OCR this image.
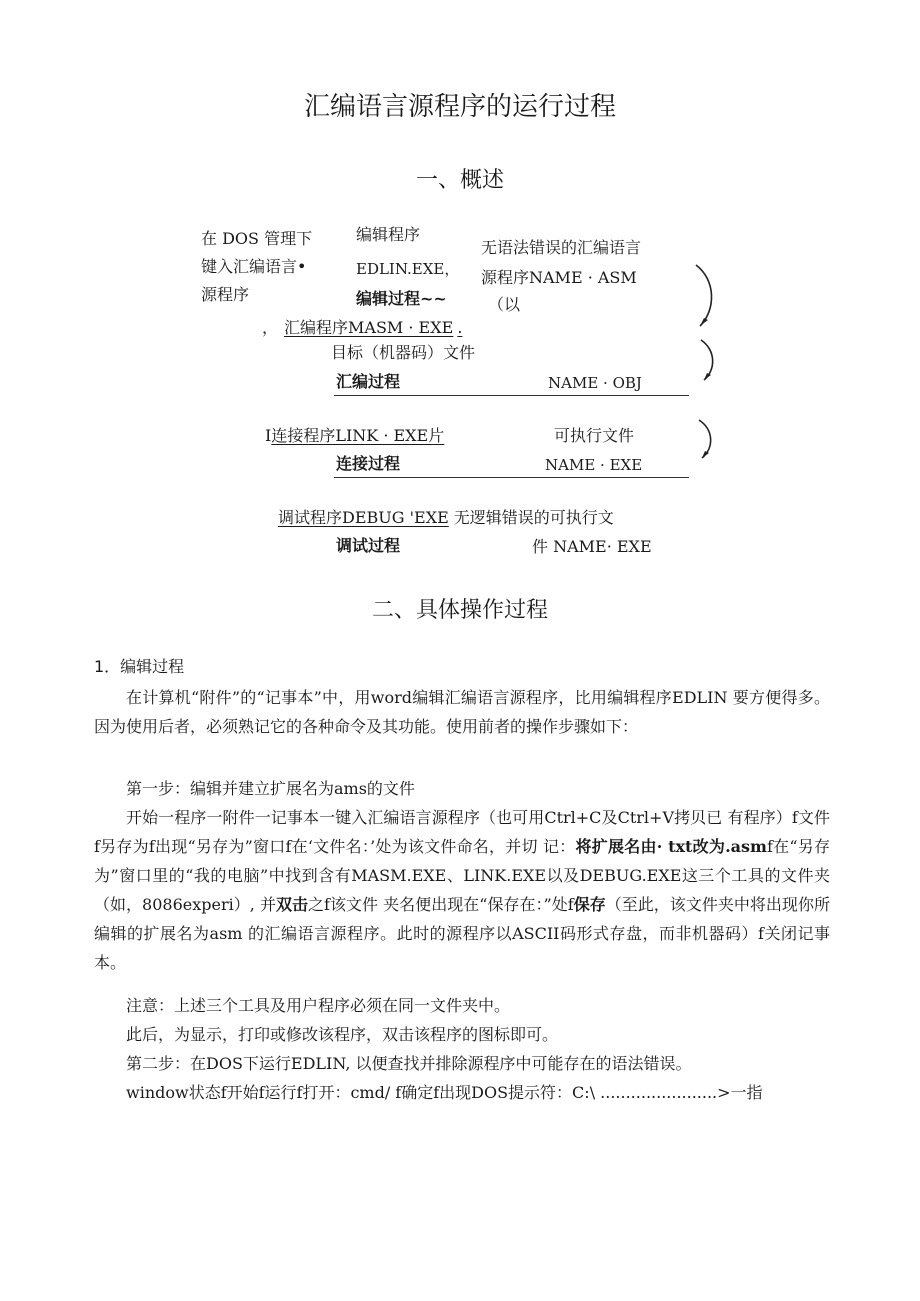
汇编语言源程序的运行过程
一、概述
在 DOS 管理下
键入汇编语言•
源程序
编辑程序
EDLIN.EXE，
编辑过程~~
无语法错误的汇编语言
源程序NAME · ASM
（以
， 汇编程序MASM · EXE .
目标（机器码）文件
汇编过程	NAME · OBJ
I连接程序LINK · EXE片	可执行文件
连接过程	NAME · EXE
调试程序DEBUG 'EXE 无逻辑错误的可执行文
调试过程	件 NAME· EXE
二、具体操作过程
1．编辑过程
在计算机“附件”的“记事本”中，用word编辑汇编语言源程序，比用编辑程序EDLIN 要方便得多。因为使用后者，必须熟记它的各种命令及其功能。使用前者的操作步骤如下：
第一步：编辑并建立扩展名为ams的文件
开始一程序一附件一记事本一键入汇编语言源程序（也可用Ctrl+C及Ctrl+V拷贝已 有程序）f文件f另存为f出现“另存为”窗口f在‘文件名：’处为该文件命名，并切 记：将扩展名由· txt改为.asmf在“另存为”窗口里的“我的电脑”中找到含有MASM.EXE、LINK.EXE以及DEBUG.EXE这三个工具的文件夹（如，8086experi）, 并双击之f该文件 夹名便出现在“保存在：”处f保存（至此，该文件夹中将出现你所编辑的扩展名为asm 的汇编语言源程序。此时的源程序以ASCII码形式存盘，而非机器码）f关闭记事本。
注意：上述三个工具及用户程序必须在同一文件夹中。
此后，为显示，打印或修改该程序，双击该程序的图标即可。
第二步：在DOS下运行EDLIN, 以便查找并排除源程序中可能存在的语法错误。
window状态f开始f运行f打开：cmd/ f确定f出现DOS提示符：C:\ .......................>一指
